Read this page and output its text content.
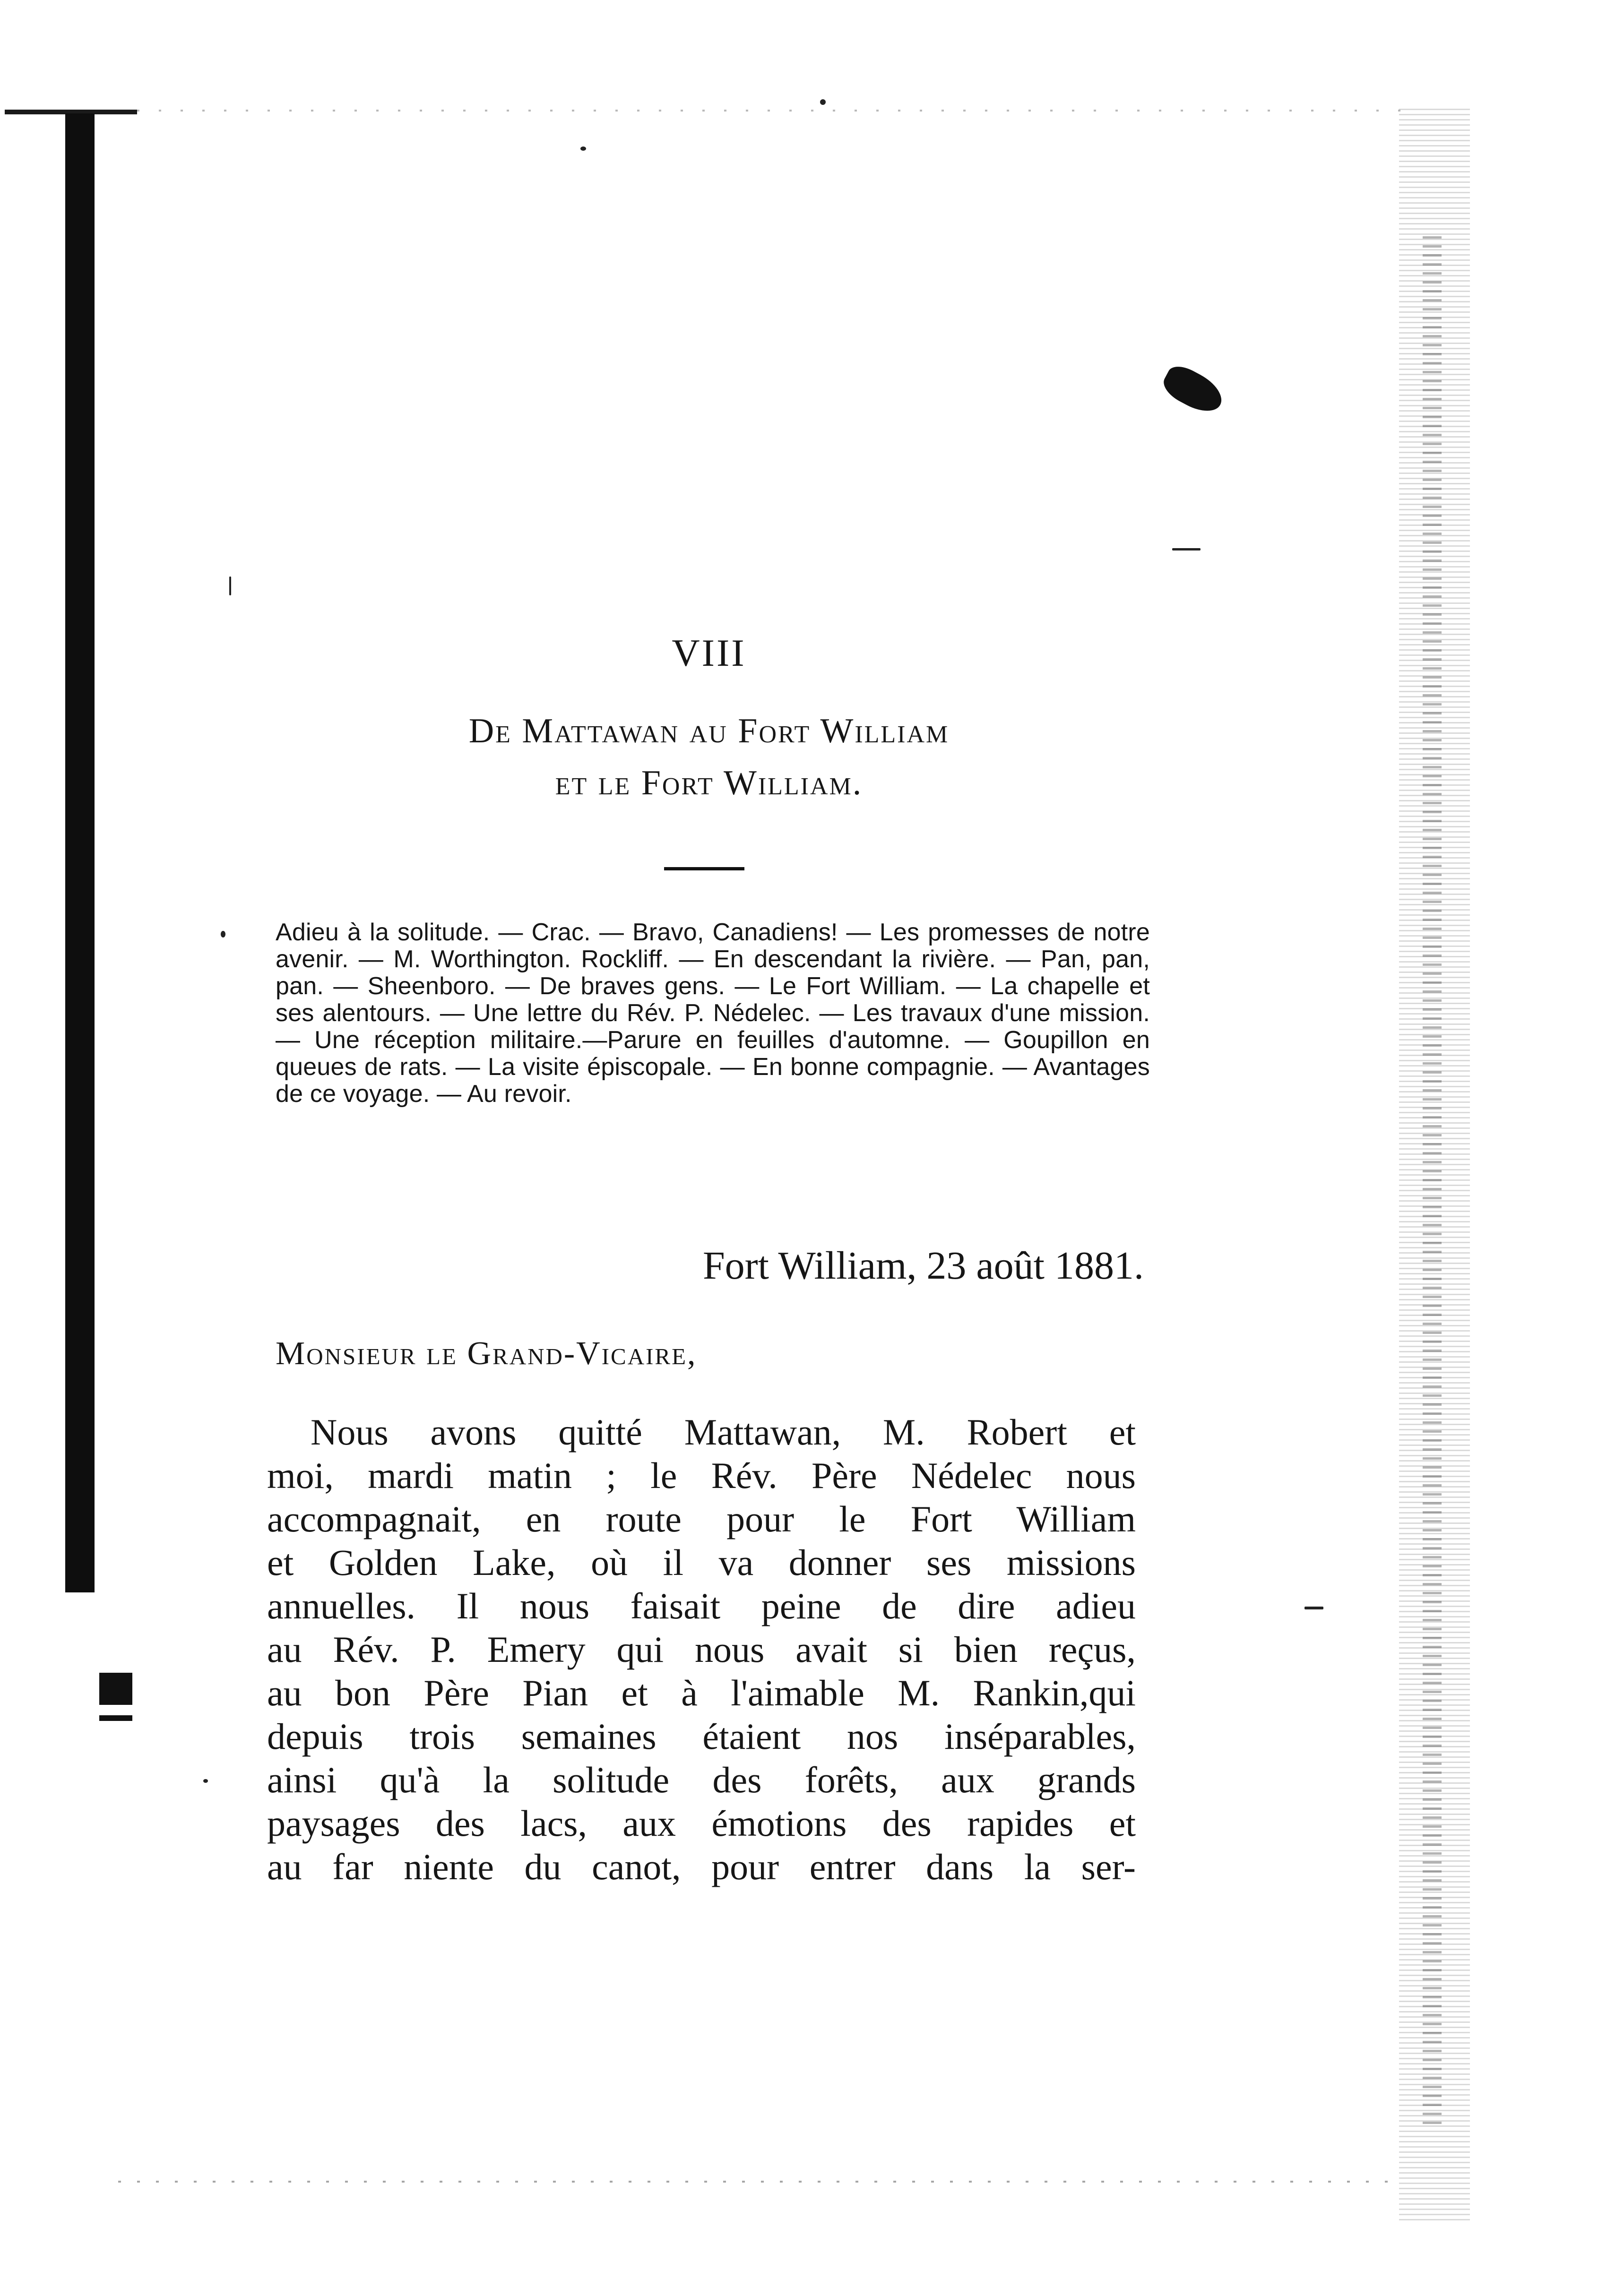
VIII
De Mattawan au Fort William
et le Fort William.
Adieu à la solitude. — Crac. — Bravo, Canadiens! — Les promesses de notre avenir. — M. Worthington. Rockliff. — En descendant la rivière. — Pan, pan, pan. — Sheenboro. — De braves gens. — Le Fort William. — La chapelle et ses alentours. — Une lettre du Rév. P. Nédelec. — Les travaux d'une mission. — Une réception militaire.—Parure en feuilles d'automne. — Goupillon en queues de rats. — La visite épiscopale. — En bonne compagnie. — Avantages de ce voyage. — Au revoir.
Fort William, 23 août 1881.
Monsieur le Grand-Vicaire,
Nous avons quitté Mattawan, M. Robert et
moi, mardi matin ; le Rév. Père Nédelec nous
accompagnait, en route pour le Fort William
et Golden Lake, où il va donner ses missions
annuelles. Il nous faisait peine de dire adieu
au Rév. P. Emery qui nous avait si bien reçus,
au bon Père Pian et à l'aimable M. Rankin,qui
depuis trois semaines étaient nos inséparables,
ainsi qu'à la solitude des forêts, aux grands
paysages des lacs, aux émotions des rapides et
au far niente du canot, pour entrer dans la ser-
